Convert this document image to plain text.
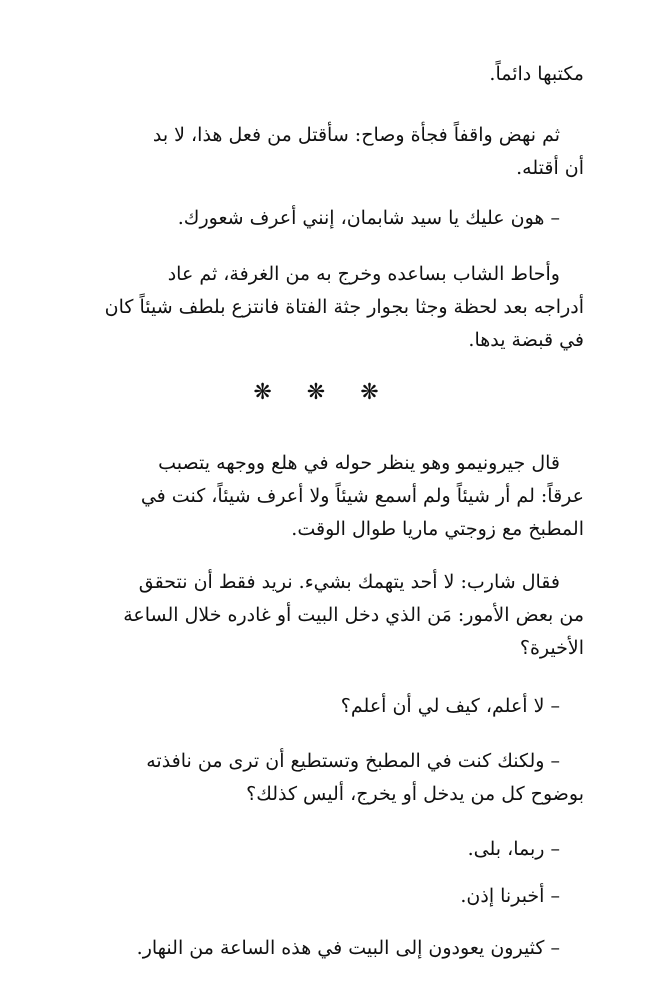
مكتبها دائماً.

ثم نهض واقفاً فجأة وصاح: سأقتل من فعل هذا، لا بد
أن أقتله.

– هون عليك يا سيد شابمان، إنني أعرف شعورك.

وأحاط الشاب بساعده وخرج به من الغرفة، ثم عاد
أدراجه بعد لحظة وجثا بجوار جثة الفتاة فانتزع بلطف شيئاً كان
في قبضة يدها.

❋ ❋ ❋

قال جيرونيمو وهو ينظر حوله في هلع ووجهه يتصبب
عرقاً: لم أر شيئاً ولم أسمع شيئاً ولا أعرف شيئاً، كنت في
المطبخ مع زوجتي ماريا طوال الوقت.

فقال شارب: لا أحد يتهمك بشيء. نريد فقط أن نتحقق
من بعض الأمور: مَن الذي دخل البيت أو غادره خلال الساعة
الأخيرة؟

– لا أعلم، كيف لي أن أعلم؟

– ولكنك كنت في المطبخ وتستطيع أن ترى من نافذته
بوضوح كل من يدخل أو يخرج، أليس كذلك؟

– ربما، بلى.

– أخبرنا إذن.

– كثيرون يعودون إلى البيت في هذه الساعة من النهار.
